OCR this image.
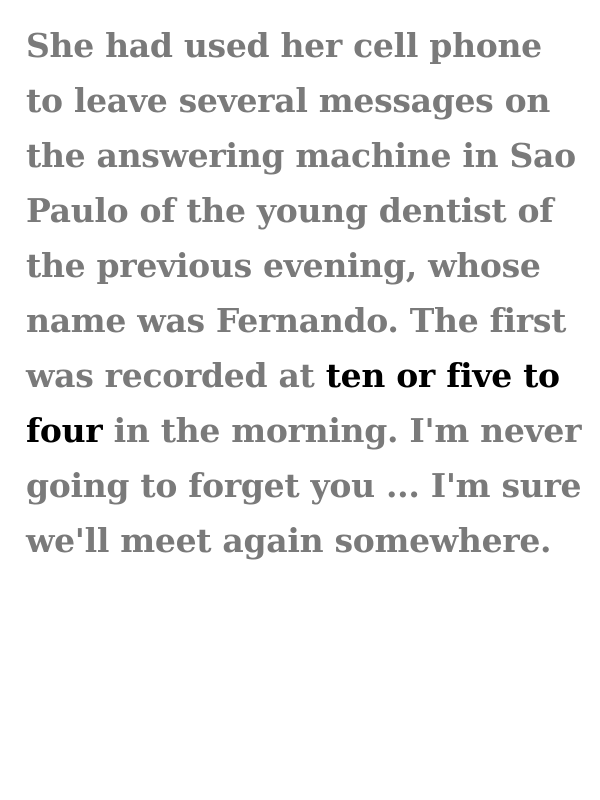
She had used her cell phone to leave several messages on the answering machine in Sao Paulo of the young dentist of the previous evening, whose name was Fernando. The first was recorded at ten or five to four in the morning. I'm never going to forget you ... I'm sure we'll meet again somewhere.
